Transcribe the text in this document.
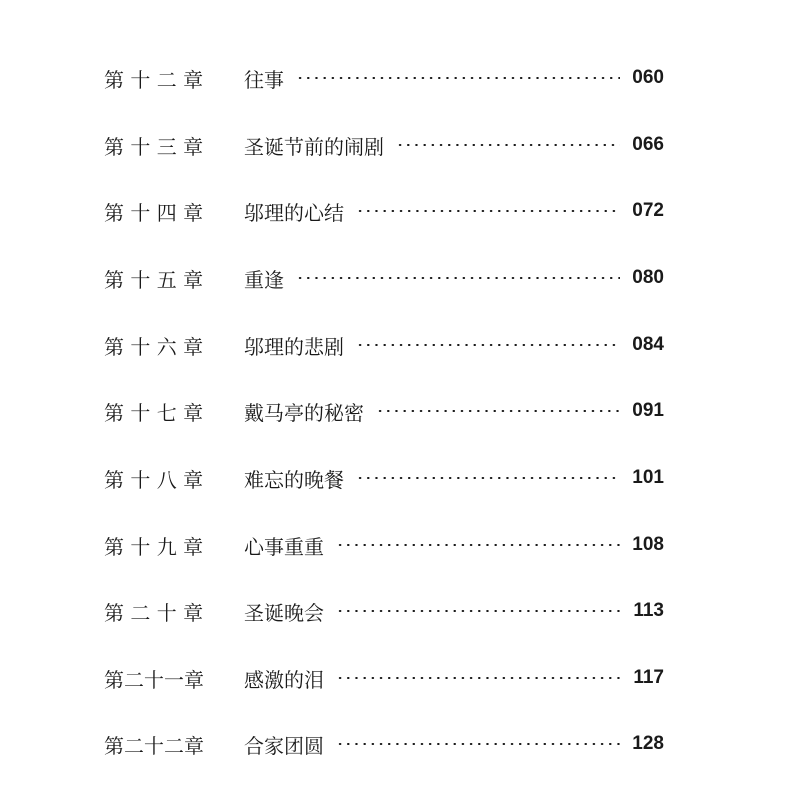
第 十 二 章	往事	060
第 十 三 章	圣诞节前的闹剧	066
第 十 四 章	邬理的心结	072
第 十 五 章	重逢	080
第 十 六 章	邬理的悲剧	084
第 十 七 章	戴马亭的秘密	091
第 十 八 章	难忘的晚餐	101
第 十 九 章	心事重重	108
第 二 十 章	圣诞晚会	113
第二十一章	感激的泪	117
第二十二章	合家团圆	128
